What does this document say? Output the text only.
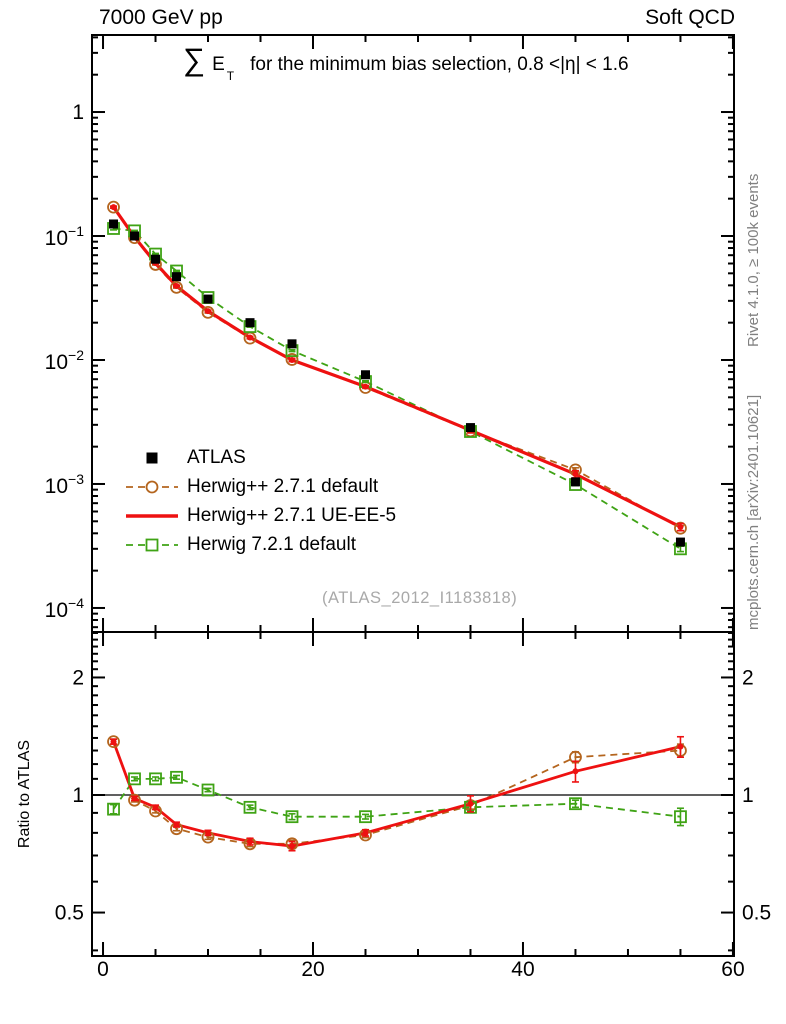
0	20	40	60
1
$10^{-1}$
$10^{-2}$
$10^{-3}$
$10^{-4}$
2	2
1	1
0.5	0.5
7000 GeV pp	Soft QCD
∑ E
T
for the minimum bias selection, 0.8 <|η| < 1.6
Rivet 4.1.0, ≥ 100k events
mcplots.cern.ch [arXiv:2401.10621]
Ratio to ATLAS
(ATLAS_2012_I1183818)
ATLAS
Herwig++ 2.7.1 default
Herwig++ 2.7.1 UE-EE-5
Herwig 7.2.1 default
